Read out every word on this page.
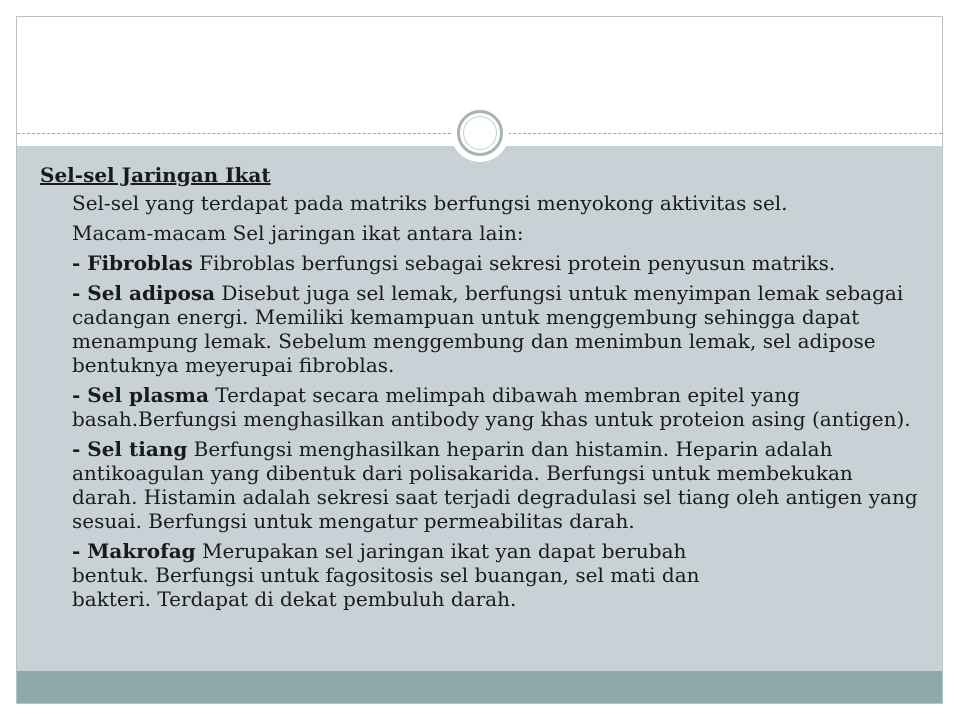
Sel-sel Jaringan Ikat

Sel-sel yang terdapat pada matriks berfungsi menyokong aktivitas sel.

Macam-macam Sel jaringan ikat antara lain:

- Fibroblas Fibroblas berfungsi sebagai sekresi protein penyusun matriks.

- Sel adiposa Disebut juga sel lemak, berfungsi untuk menyimpan lemak sebagai cadangan energi. Memiliki kemampuan untuk menggembung sehingga dapat menampung lemak. Sebelum menggembung dan menimbun lemak, sel adipose bentuknya meyerupai fibroblas.

- Sel plasma Terdapat secara melimpah dibawah membran epitel yang basah.Berfungsi menghasilkan antibody yang khas untuk proteion asing (antigen).

- Sel tiang Berfungsi menghasilkan heparin dan histamin. Heparin adalah antikoagulan yang dibentuk dari polisakarida. Berfungsi untuk membekukan darah. Histamin adalah sekresi saat terjadi degradulasi sel tiang oleh antigen yang sesuai. Berfungsi untuk mengatur permeabilitas darah.

- Makrofag Merupakan sel jaringan ikat yan dapat berubah bentuk. Berfungsi untuk fagositosis sel buangan, sel mati dan bakteri. Terdapat di dekat pembuluh darah.
